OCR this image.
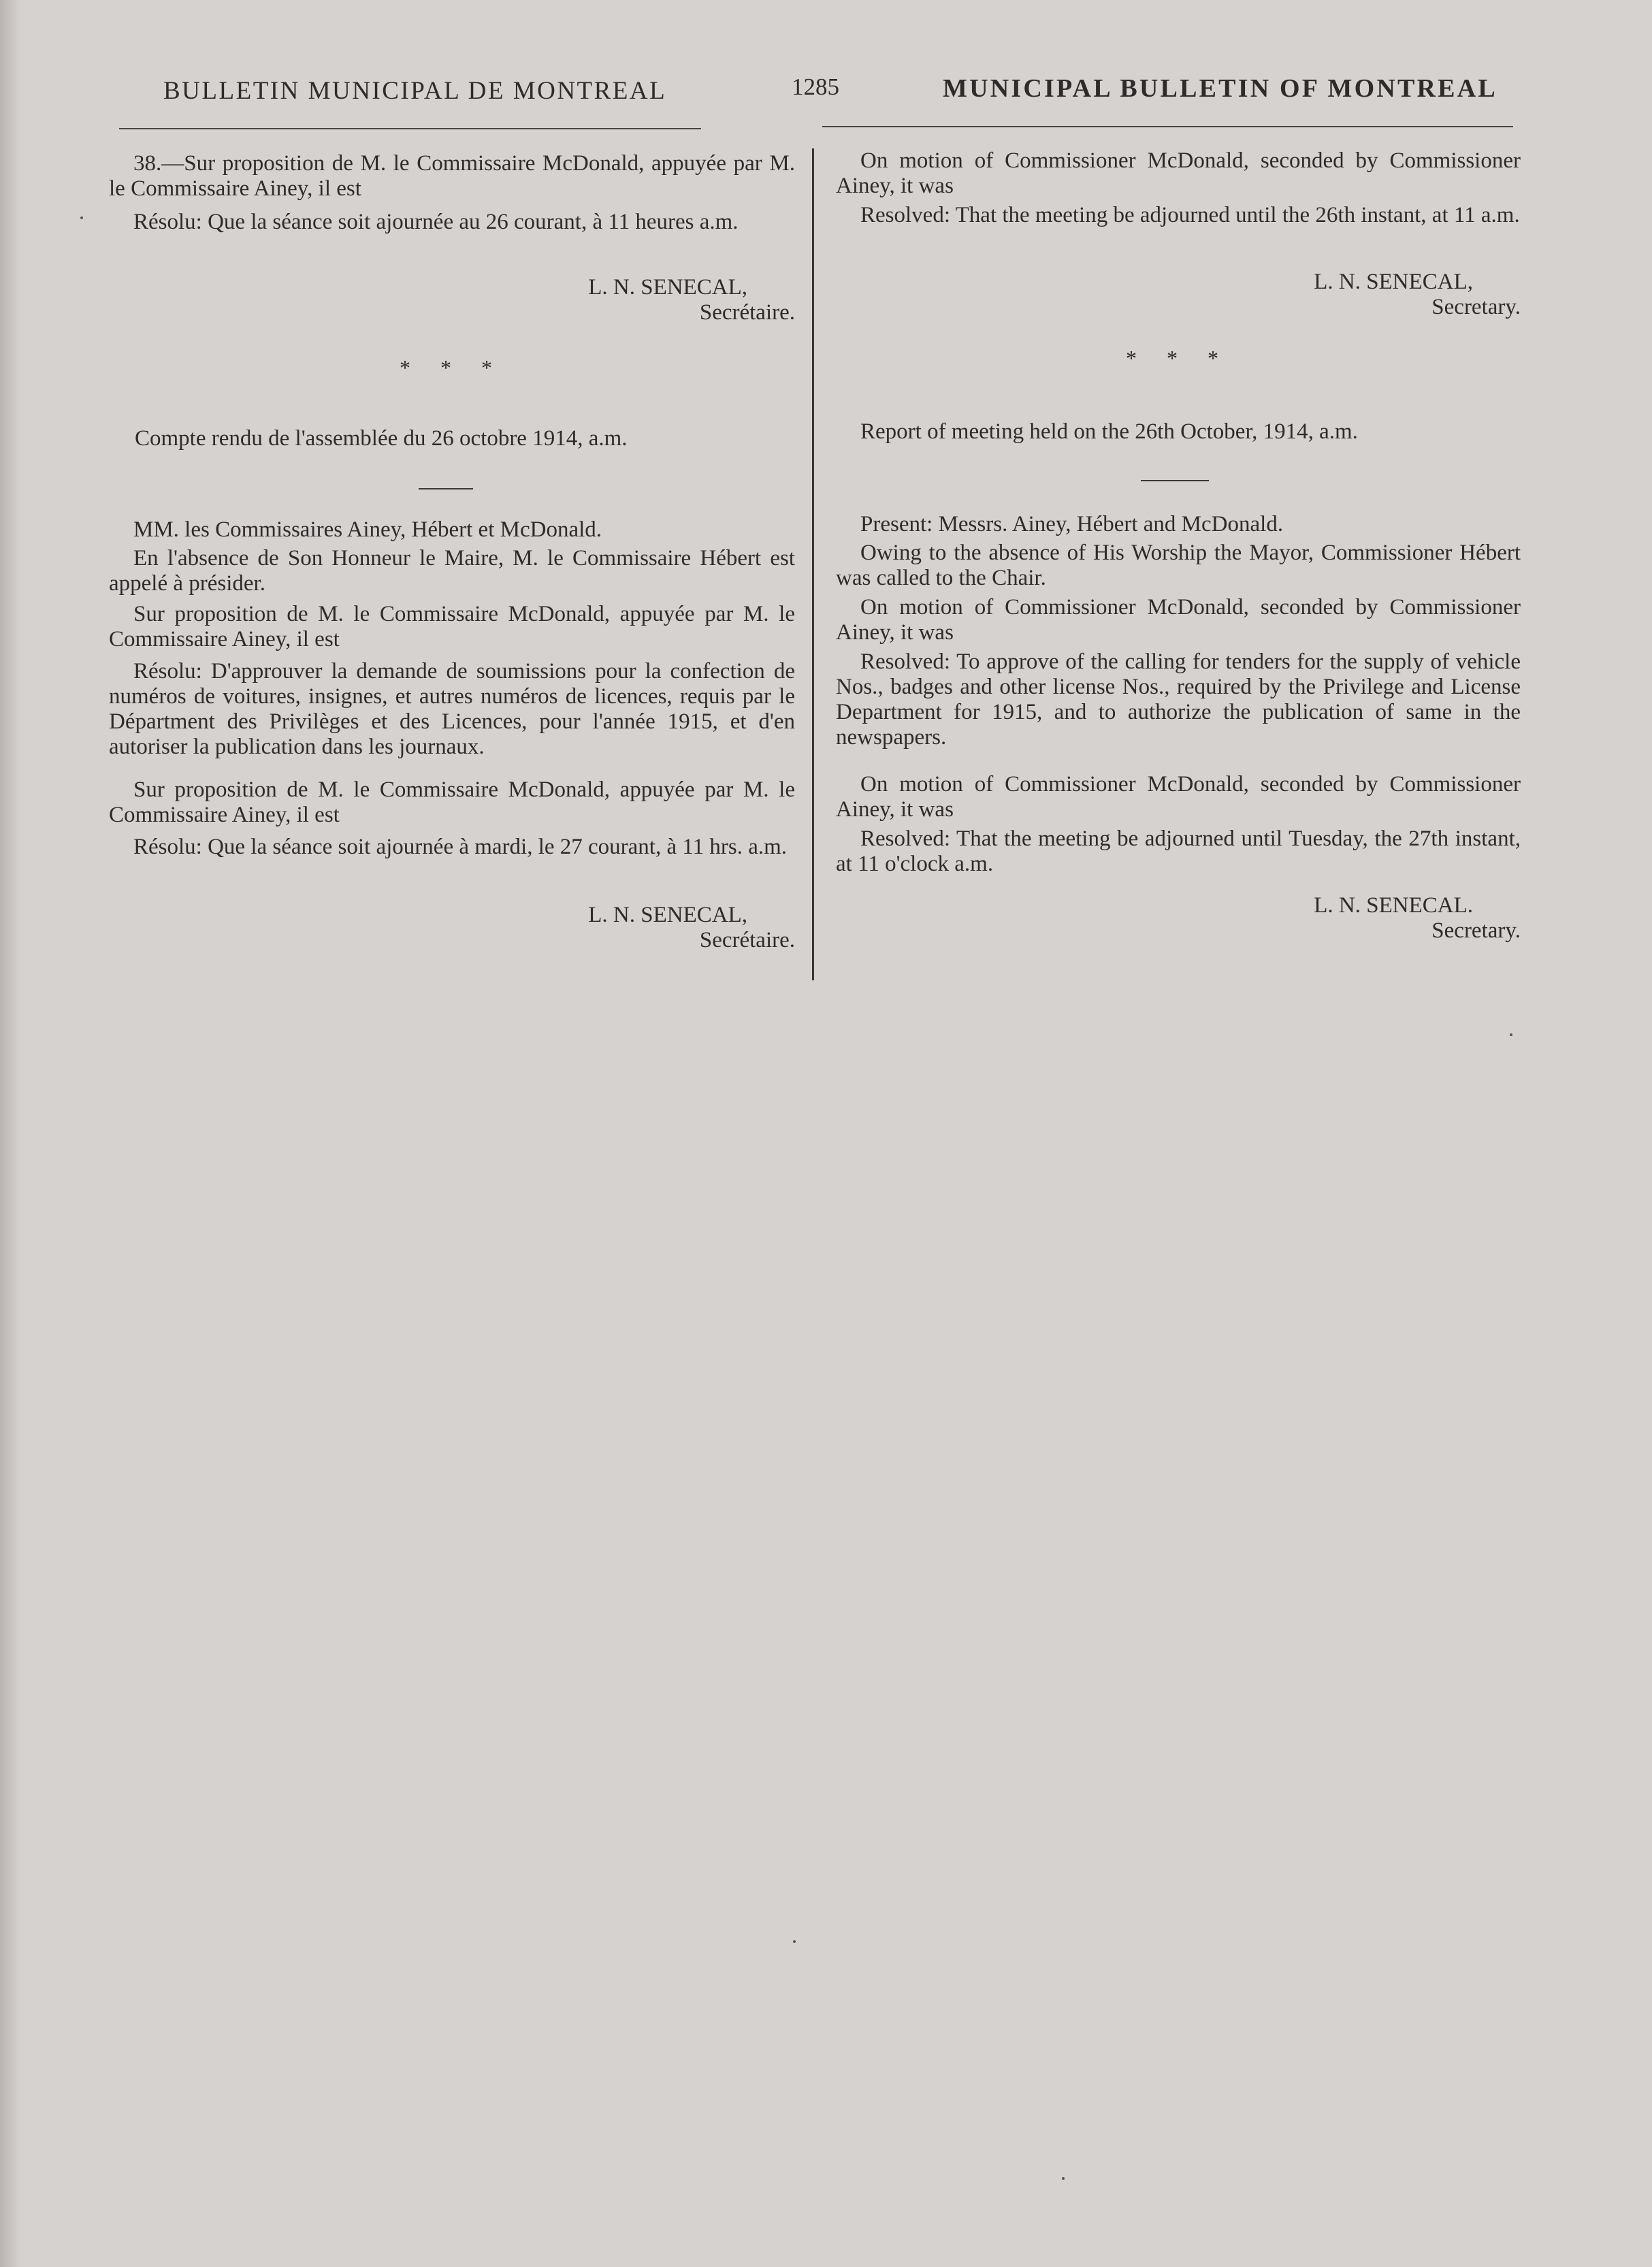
BULLETIN MUNICIPAL DE MONTREAL	1285	MUNICIPAL BULLETIN OF MONTREAL

38.—Sur proposition de M. le Commissaire McDonald, appuyée par M. le Commissaire Ainey, il est

Résolu: Que la séance soit ajournée au 26 courant, à 11 heures a.m.

L. N. SENECAL,
Secrétaire.
* * *

Compte rendu de l'assemblée du 26 octobre 1914, a.m.

MM. les Commissaires Ainey, Hébert et McDonald.

En l'absence de Son Honneur le Maire, M. le Commissaire Hébert est appelé à présider.

Sur proposition de M. le Commissaire McDonald, appuyée par M. le Commissaire Ainey, il est

Résolu: D'approuver la demande de soumissions pour la confection de numéros de voitures, insignes, et autres numéros de licences, requis par le Départment des Privilèges et des Licences, pour l'année 1915, et d'en autoriser la publication dans les journaux.

Sur proposition de M. le Commissaire McDonald, appuyée par M. le Commissaire Ainey, il est

Résolu: Que la séance soit ajournée à mardi, le 27 courant, à 11 hrs. a.m.

L. N. SENECAL,
Secrétaire.

On motion of Commissioner McDonald, seconded by Commissioner Ainey, it was

Resolved: That the meeting be adjourned until the 26th instant, at 11 a.m.

L. N. SENECAL,
Secretary.
* * *

Report of meeting held on the 26th October, 1914, a.m.

Present: Messrs. Ainey, Hébert and McDonald.

Owing to the absence of His Worship the Mayor, Commissioner Hébert was called to the Chair.

On motion of Commissioner McDonald, seconded by Commissioner Ainey, it was

Resolved: To approve of the calling for tenders for the supply of vehicle Nos., badges and other license Nos., required by the Privilege and License Department for 1915, and to authorize the publication of same in the newspapers.

On motion of Commissioner McDonald, seconded by Commissioner Ainey, it was

Resolved: That the meeting be adjourned until Tuesday, the 27th instant, at 11 o'clock a.m.

L. N. SENECAL.
Secretary.
